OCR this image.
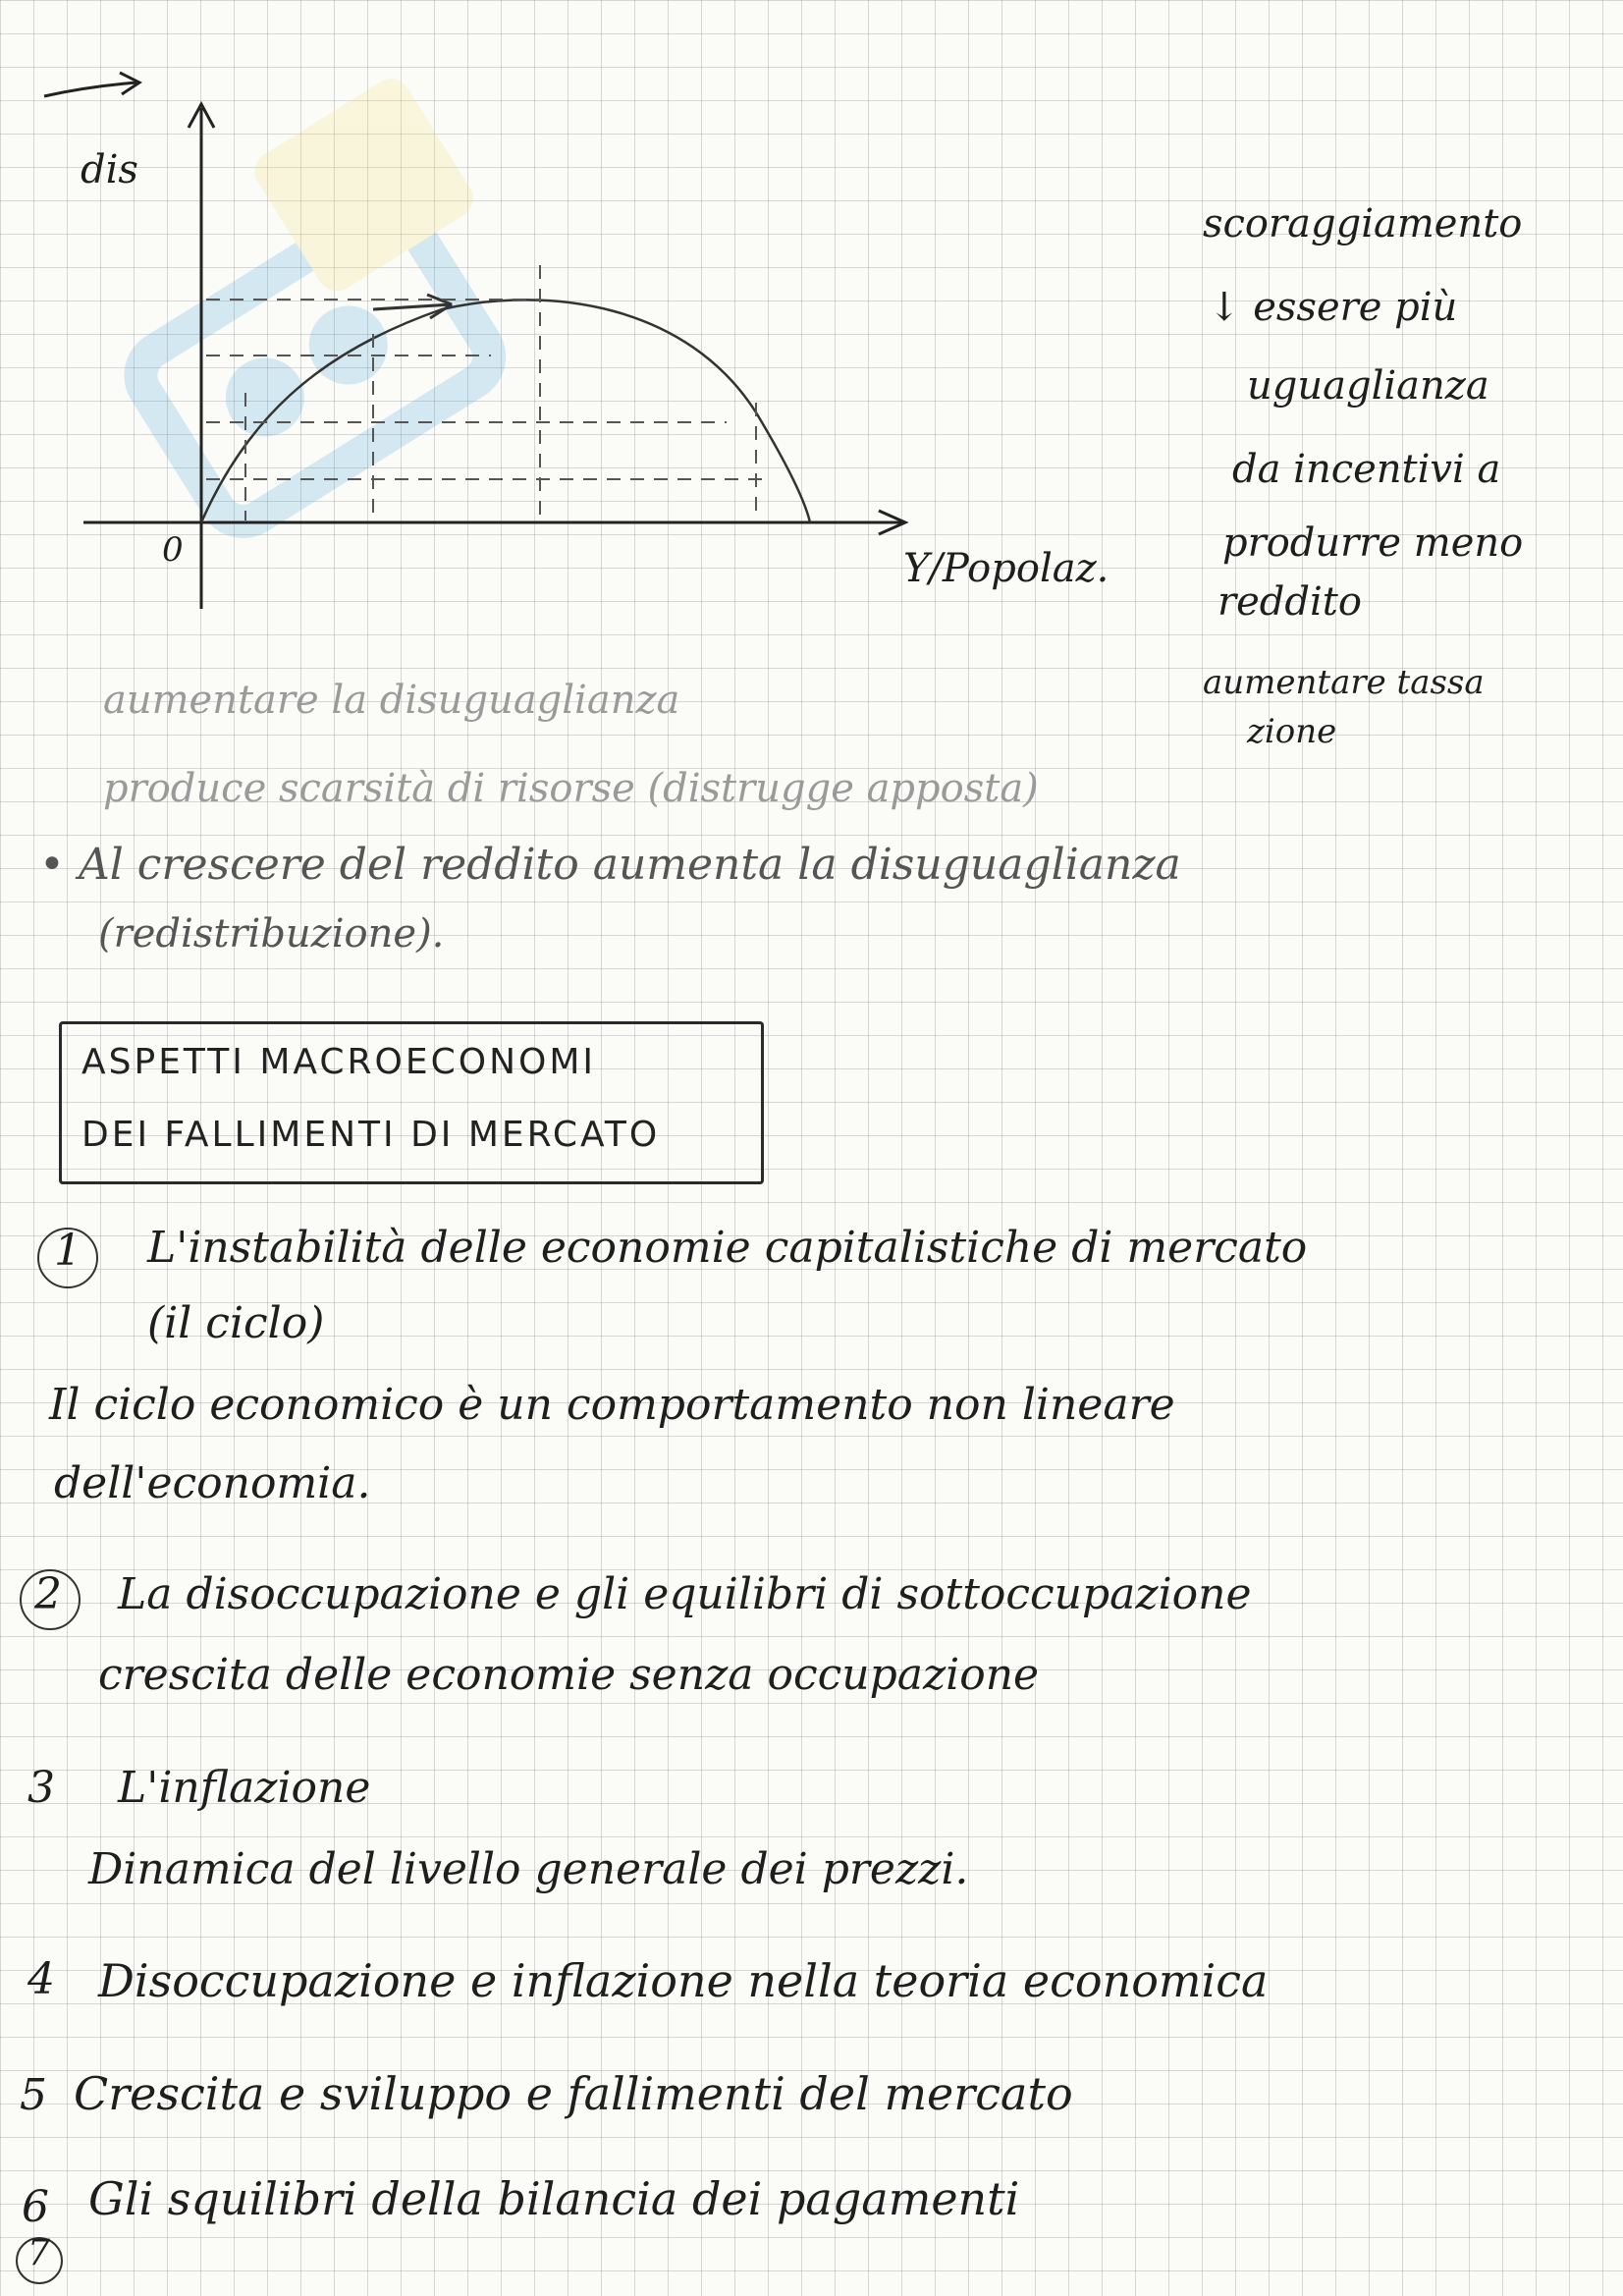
dis
0	Y/Popolaz.
scoraggiamento
↓ essere più
uguaglianza
da incentivi a
produrre meno
reddito
aumentare tassa
zione
aumentare la disuguaglianza
produce scarsità di risorse (distrugge apposta)
• Al crescere del reddito aumenta la disuguaglianza
(redistribuzione).
ASPETTI MACROECONOMI
DEI FALLIMENTI DI MERCATO
1 L'instabilità delle economie capitalistiche di mercato
(il ciclo)
Il ciclo economico è un comportamento non lineare
dell'economia.
2 La disoccupazione e gli equilibri di sottoccupazione
crescita delle economie senza occupazione
3 L'inflazione
Dinamica del livello generale dei prezzi.
4 Disoccupazione e inflazione nella teoria economica
5 Crescita e sviluppo e fallimenti del mercato
6 Gli squilibri della bilancia dei pagamenti
7
